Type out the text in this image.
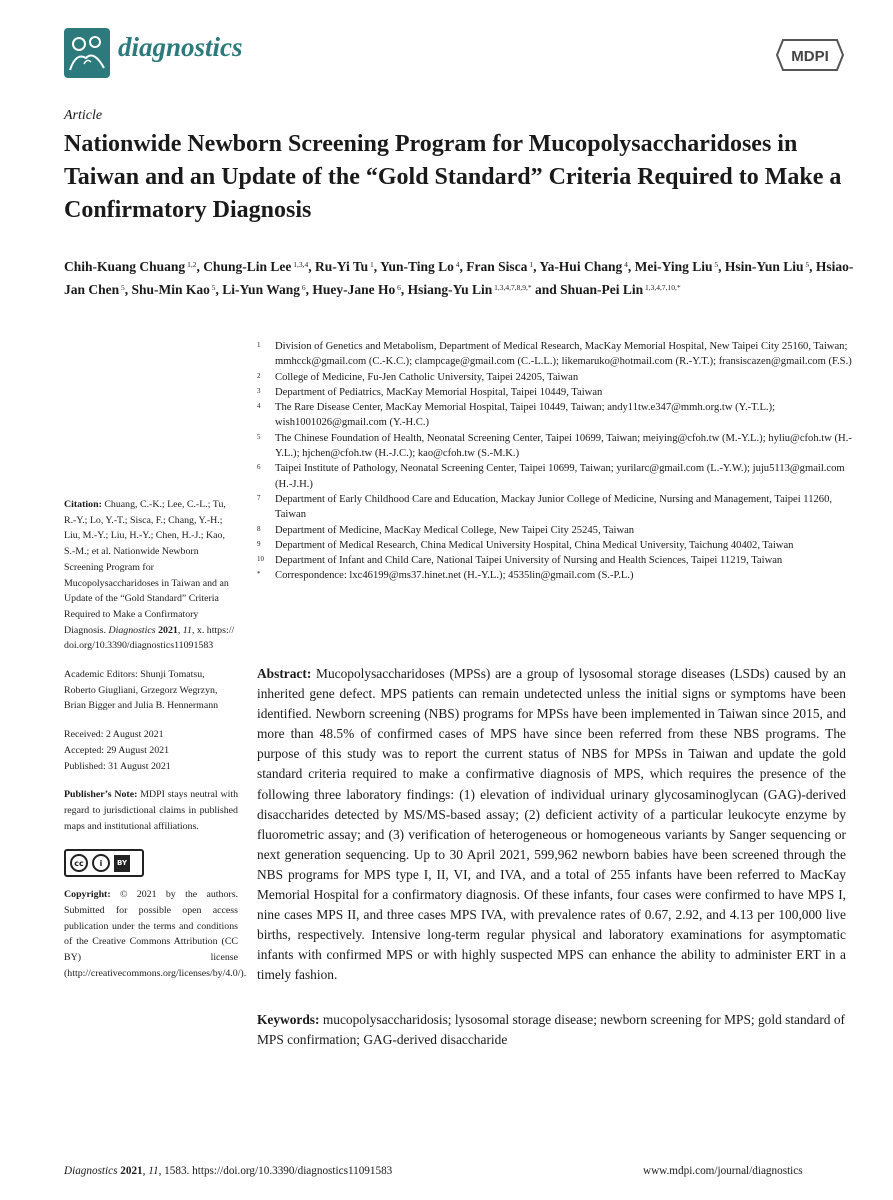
diagnostics	MDPI
Article
Nationwide Newborn Screening Program for Mucopolysaccharidoses in Taiwan and an Update of the “Gold Standard” Criteria Required to Make a Confirmatory Diagnosis
Chih-Kuang Chuang $^{1,2}$, Chung-Lin Lee $^{1,3,4}$, Ru-Yi Tu $^1$, Yun-Ting Lo $^4$, Fran Sisca $^1$, Ya-Hui Chang $^4$, Mei-Ying Liu $^5$, Hsin-Yun Liu $^5$, Hsiao-Jan Chen $^5$, Shu-Min Kao $^5$, Li-Yun Wang $^6$, Huey-Jane Ho $^6$, Hsiang-Yu Lin $^{1,3,4,7,8,9,*}$ and Shuan-Pei Lin $^{1,3,4,7,10,*}$
1 Division of Genetics and Metabolism, Department of Medical Research, MacKay Memorial Hospital, New Taipei City 25160, Taiwan; mmhcck@gmail.com (C.-K.C.); clampcage@gmail.com (C.-L.L.); likemaruko@hotmail.com (R.-Y.T.); fransiscazen@gmail.com (F.S.)
2 College of Medicine, Fu-Jen Catholic University, Taipei 24205, Taiwan
3 Department of Pediatrics, MacKay Memorial Hospital, Taipei 10449, Taiwan
4 The Rare Disease Center, MacKay Memorial Hospital, Taipei 10449, Taiwan; andy11tw.e347@mmh.org.tw (Y.-T.L.); wish1001026@gmail.com (Y.-H.C.)
5 The Chinese Foundation of Health, Neonatal Screening Center, Taipei 10699, Taiwan; meiying@cfoh.tw (M.-Y.L.); hyliu@cfoh.tw (H.-Y.L.); hjchen@cfoh.tw (H.-J.C.); kao@cfoh.tw (S.-M.K.)
6 Taipei Institute of Pathology, Neonatal Screening Center, Taipei 10699, Taiwan; yurilarc@gmail.com (L.-Y.W.); juju5113@gmail.com (H.-J.H.)
7 Department of Early Childhood Care and Education, Mackay Junior College of Medicine, Nursing and Management, Taipei 11260, Taiwan
8 Department of Medicine, MacKay Medical College, New Taipei City 25245, Taiwan
9 Department of Medical Research, China Medical University Hospital, China Medical University, Taichung 40402, Taiwan
10 Department of Infant and Child Care, National Taipei University of Nursing and Health Sciences, Taipei 11219, Taiwan
* Correspondence: lxc46199@ms37.hinet.net (H.-Y.L.); 4535lin@gmail.com (S.-P.L.)

Citation: Chuang, C.-K.; Lee, C.-L.; Tu, R.-Y.; Lo, Y.-T.; Sisca, F.; Chang, Y.-H.; Liu, M.-Y.; Liu, H.-Y.; Chen, H.-J.; Kao, S.-M.; et al. Nationwide Newborn Screening Program for Mucopolysaccharidoses in Taiwan and an Update of the “Gold Standard” Criteria Required to Make a Confirmatory Diagnosis. Diagnostics 2021, 11, x. https://doi.org/10.3390/diagnostics11091583

Academic Editors: Shunji Tomatsu, Roberto Giugliani, Grzegorz Wegrzyn, Brian Bigger and Julia B. Hennermann

Received: 2 August 2021

Accepted: 29 August 2021

Published: 31 August 2021

Publisher’s Note: MDPI stays neutral with regard to jurisdictional claims in published maps and institutional affiliations.

cc	i	BY

Copyright: © 2021 by the authors. Submitted for possible open access publication under the terms and conditions of the Creative Commons Attribution (CC BY) license (http://creativecommons.org/licenses/by/4.0/).

Abstract: Mucopolysaccharidoses (MPSs) are a group of lysosomal storage diseases (LSDs) caused by an inherited gene defect. MPS patients can remain undetected unless the initial signs or symptoms have been identified. Newborn screening (NBS) programs for MPSs have been implemented in Taiwan since 2015, and more than 48.5% of confirmed cases of MPS have since been referred from these NBS programs. The purpose of this study was to report the current status of NBS for MPSs in Taiwan and update the gold standard criteria required to make a confirmative diagnosis of MPS, which requires the presence of the following three laboratory findings: (1) elevation of individual urinary glycosaminoglycan (GAG)-derived disaccharides detected by MS/MS-based assay; (2) deficient activity of a particular leukocyte enzyme by fluorometric assay; and (3) verification of heterogeneous or homogeneous variants by Sanger sequencing or next generation sequencing. Up to 30 April 2021, 599,962 newborn babies have been screened through the NBS programs for MPS type I, II, VI, and IVA, and a total of 255 infants have been referred to MacKay Memorial Hospital for a confirmatory diagnosis. Of these infants, four cases were confirmed to have MPS I, nine cases MPS II, and three cases MPS IVA, with prevalence rates of 0.67, 2.92, and 4.13 per 100,000 live births, respectively. Intensive long-term regular physical and laboratory examinations for asymptomatic infants with confirmed MPS or with highly suspected MPS can enhance the ability to administer ERT in a timely fashion.

Keywords: mucopolysaccharidosis; lysosomal storage disease; newborn screening for MPS; gold standard of MPS confirmation; GAG-derived disaccharide

Diagnostics 2021, 11, 1583. https://doi.org/10.3390/diagnostics11091583	www.mdpi.com/journal/diagnostics
